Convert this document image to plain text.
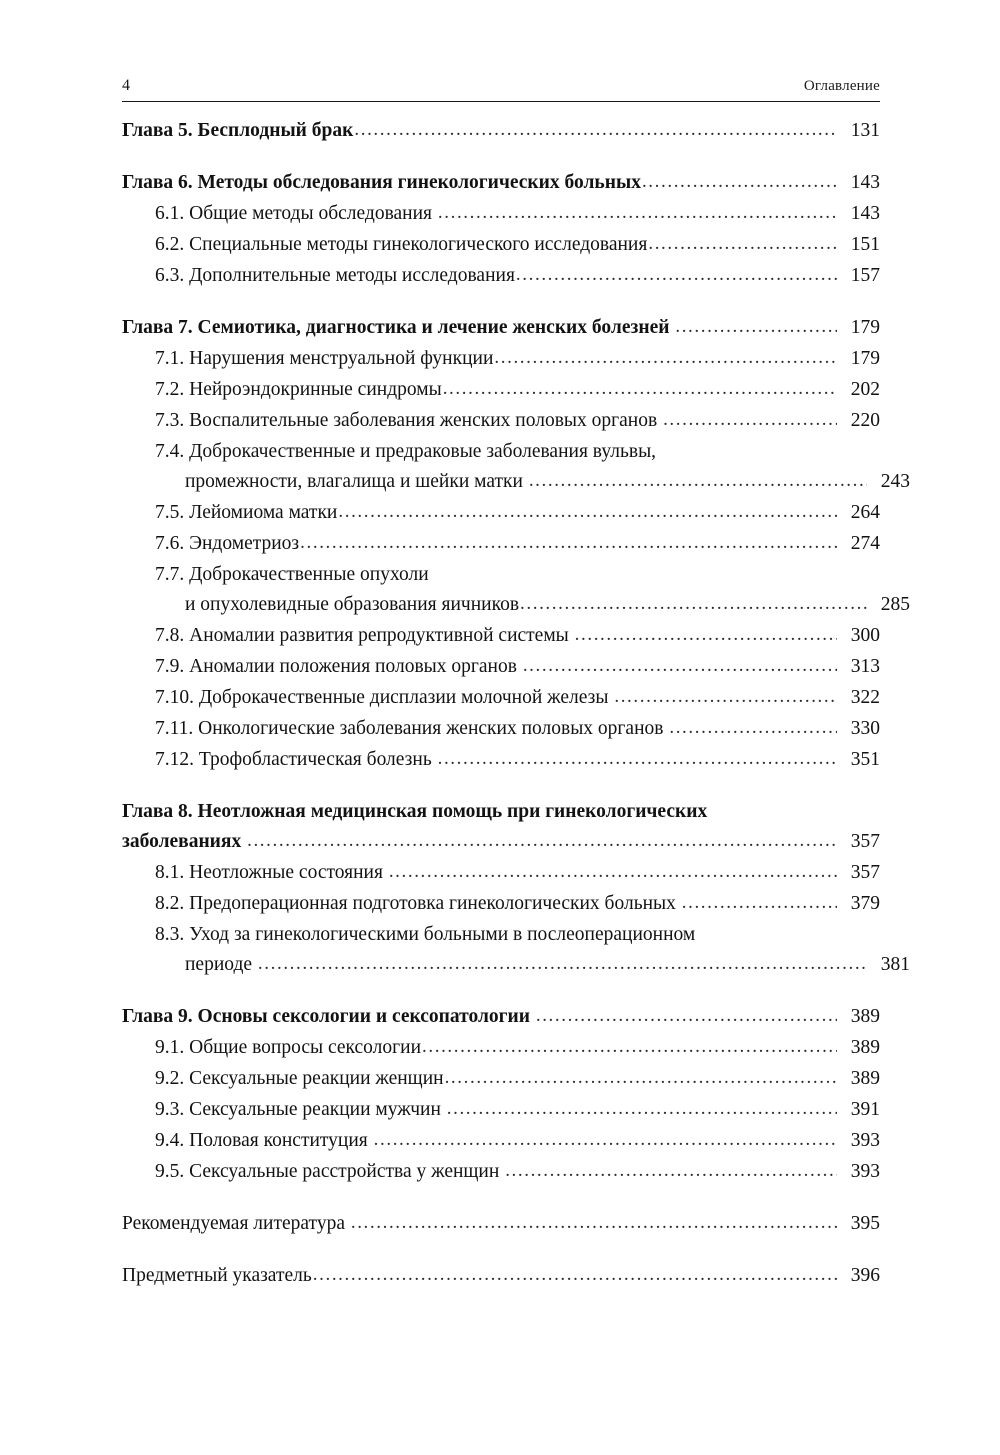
4	Оглавление
Глава 5. Бесплодный брак .....	131
Глава 6. Методы обследования гинекологических больных .....	143
6.1. Общие методы обследования .....	143
6.2. Специальные методы гинекологического исследования .....	151
6.3. Дополнительные методы исследования .....	157
Глава 7. Семиотика, диагностика и лечение женских болезней .....	179
7.1. Нарушения менструальной функции .....	179
7.2. Нейроэндокринные синдромы .....	202
7.3. Воспалительные заболевания женских половых органов .....	220
7.4. Доброкачественные и предраковые заболевания вульвы,
промежности, влагалища и шейки матки .....	243
7.5. Лейомиома матки .....	264
7.6. Эндометриоз .....	274
7.7. Доброкачественные опухоли
и опухолевидные образования яичников .....	285
7.8. Аномалии развития репродуктивной системы .....	300
7.9. Аномалии положения половых органов .....	313
7.10. Доброкачественные дисплазии молочной железы .....	322
7.11. Онкологические заболевания женских половых органов .....	330
7.12. Трофобластическая болезнь .....	351
Глава 8. Неотложная медицинская помощь при гинекологических
заболеваниях .....	357
8.1. Неотложные состояния .....	357
8.2. Предоперационная подготовка гинекологических больных .....	379
8.3. Уход за гинекологическими больными в послеоперационном
периоде .....	381
Глава 9. Основы сексологии и сексопатологии .....	389
9.1. Общие вопросы сексологии .....	389
9.2. Сексуальные реакции женщин .....	389
9.3. Сексуальные реакции мужчин .....	391
9.4. Половая конституция .....	393
9.5. Сексуальные расстройства у женщин .....	393
Рекомендуемая литература .....	395
Предметный указатель .....	396
